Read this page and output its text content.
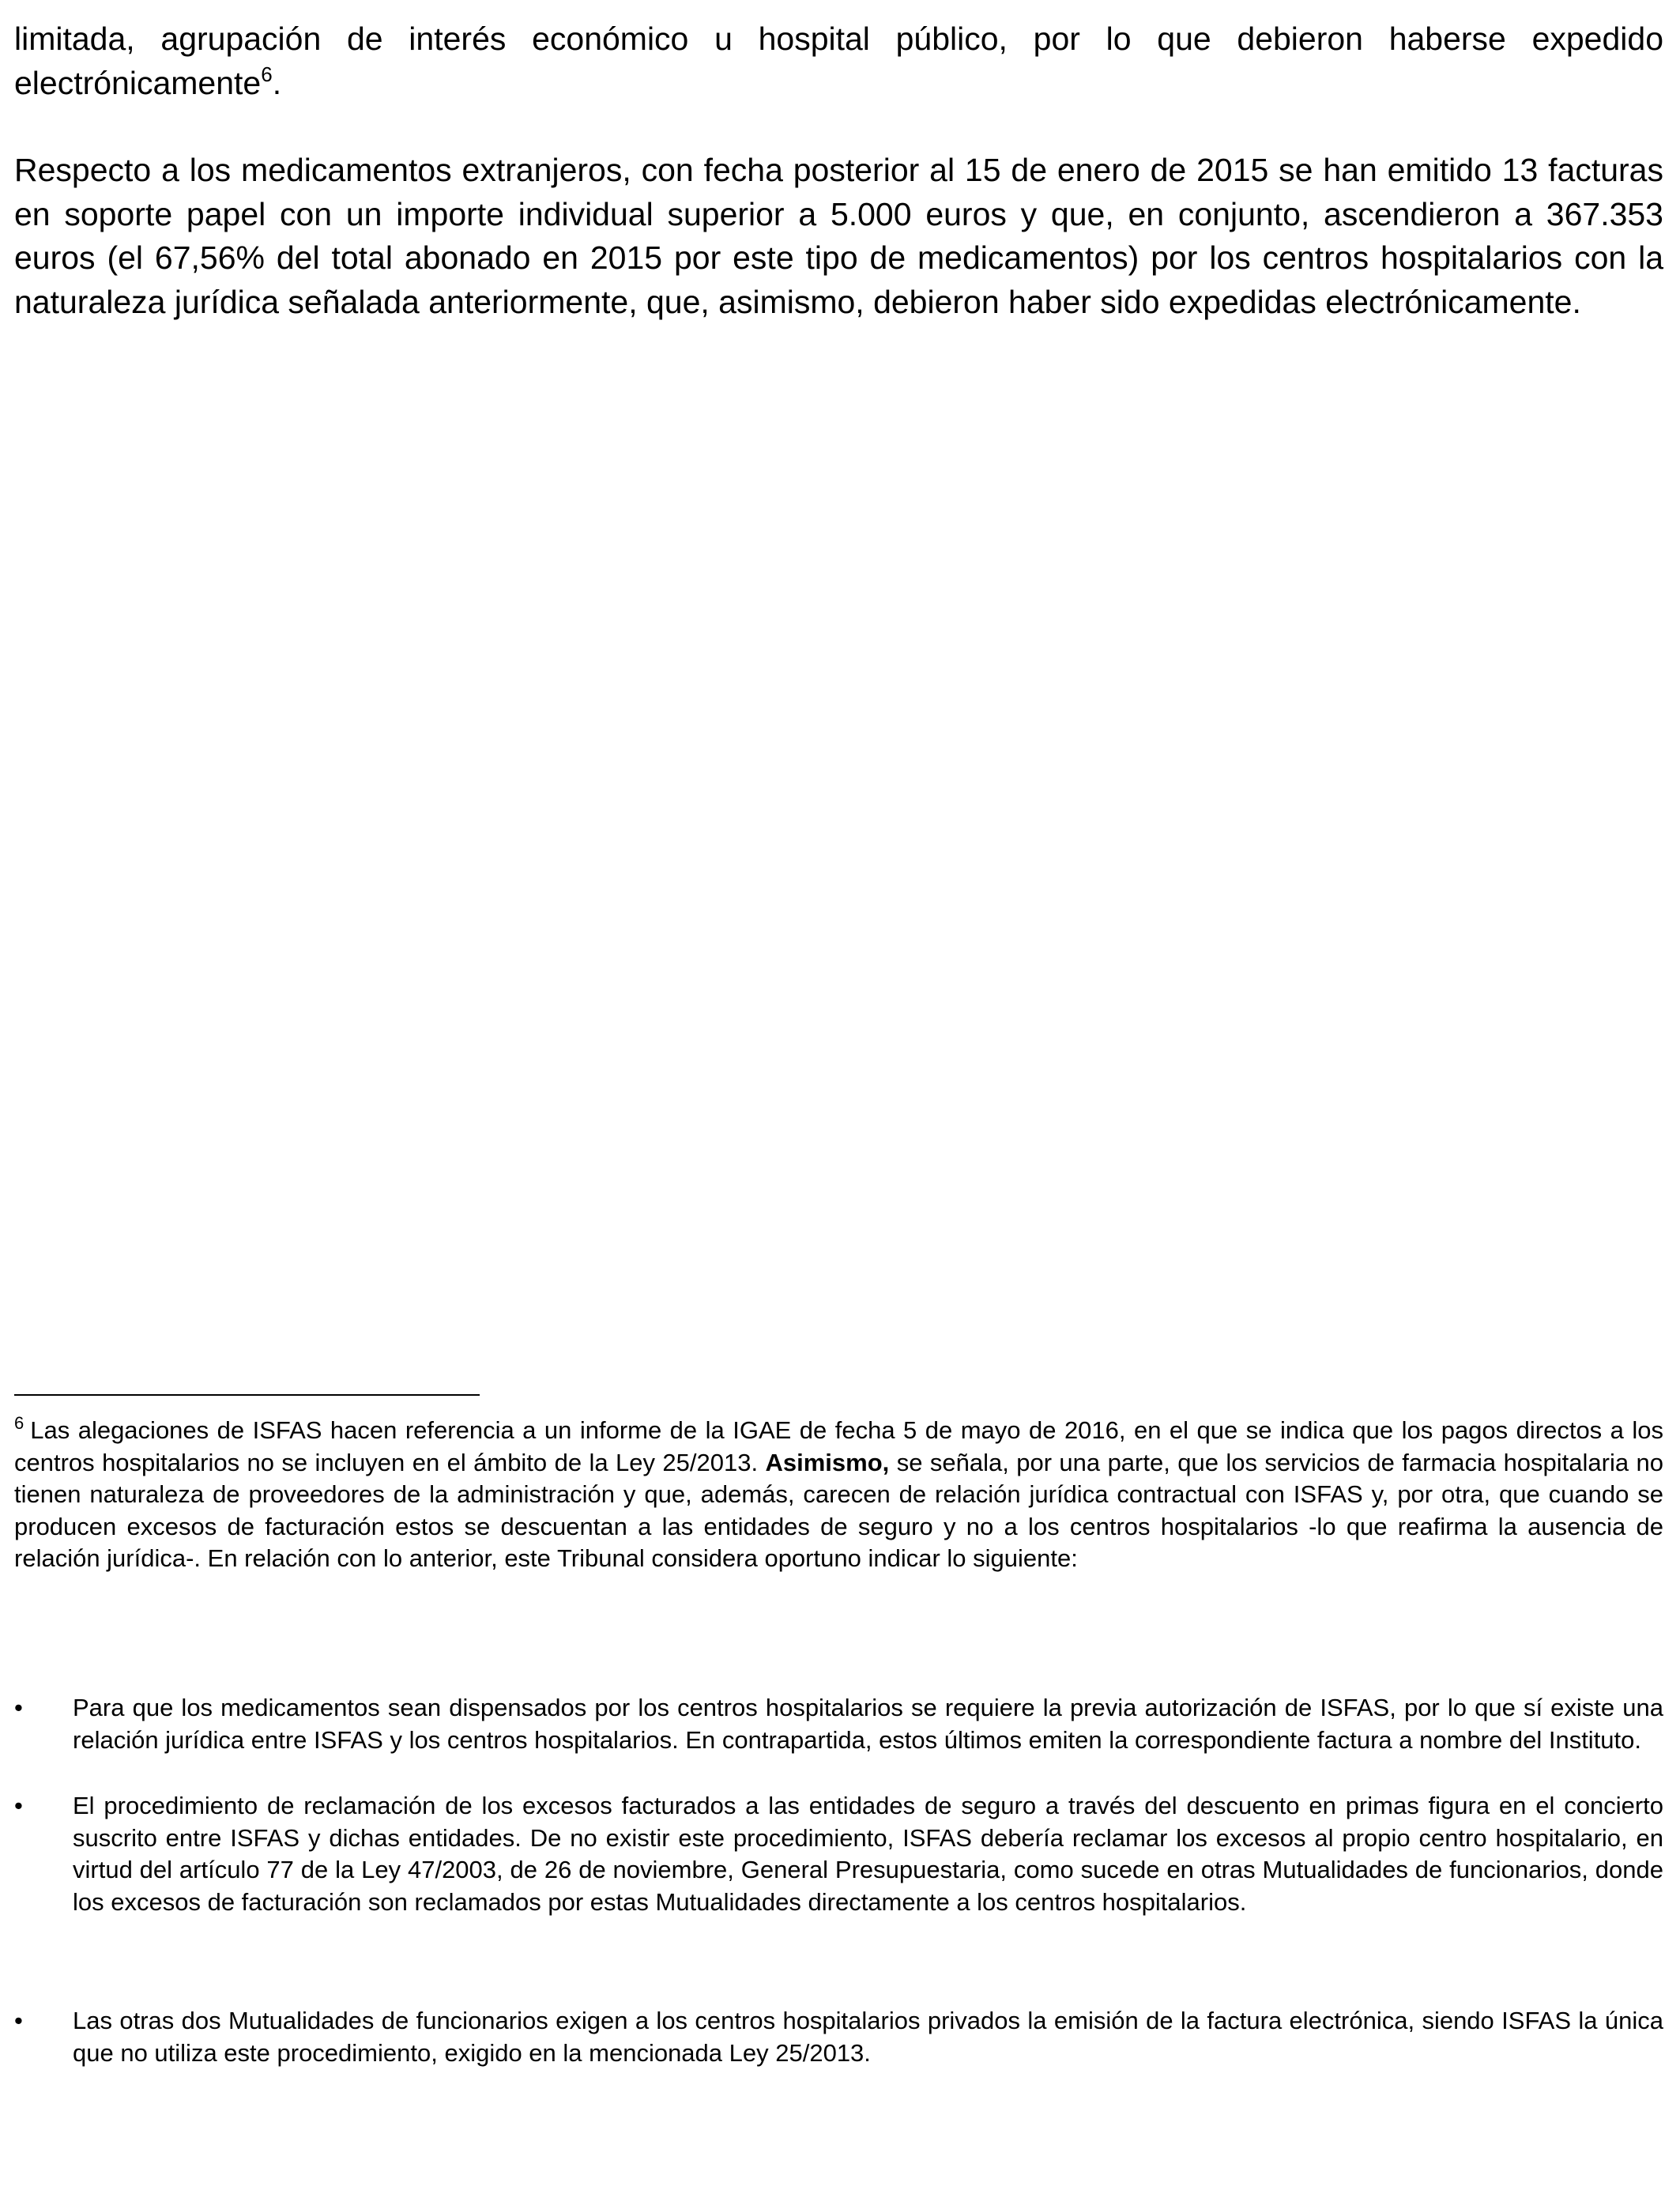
limitada, agrupación de interés económico u hospital público, por lo que debieron haberse expedido electrónicamente$^6$.

Respecto a los medicamentos extranjeros, con fecha posterior al 15 de enero de 2015 se han emitido 13 facturas en soporte papel con un importe individual superior a 5.000 euros y que, en conjunto, ascendieron a 367.353 euros (el 67,56% del total abonado en 2015 por este tipo de medicamentos) por los centros hospitalarios con la naturaleza jurídica señalada anteriormente, que, asimismo, debieron haber sido expedidas electrónicamente.

$^6$ Las alegaciones de ISFAS hacen referencia a un informe de la IGAE de fecha 5 de mayo de 2016, en el que se indica que los pagos directos a los centros hospitalarios no se incluyen en el ámbito de la Ley 25/2013. Asimismo, se señala, por una parte, que los servicios de farmacia hospitalaria no tienen naturaleza de proveedores de la administración y que, además, carecen de relación jurídica contractual con ISFAS y, por otra, que cuando se producen excesos de facturación estos se descuentan a las entidades de seguro y no a los centros hospitalarios -lo que reafirma la ausencia de relación jurídica-. En relación con lo anterior, este Tribunal considera oportuno indicar lo siguiente:

• Para que los medicamentos sean dispensados por los centros hospitalarios se requiere la previa autorización de ISFAS, por lo que sí existe una relación jurídica entre ISFAS y los centros hospitalarios. En contrapartida, estos últimos emiten la correspondiente factura a nombre del Instituto.

• El procedimiento de reclamación de los excesos facturados a las entidades de seguro a través del descuento en primas figura en el concierto suscrito entre ISFAS y dichas entidades. De no existir este procedimiento, ISFAS debería reclamar los excesos al propio centro hospitalario, en virtud del artículo 77 de la Ley 47/2003, de 26 de noviembre, General Presupuestaria, como sucede en otras Mutualidades de funcionarios, donde los excesos de facturación son reclamados por estas Mutualidades directamente a los centros hospitalarios.

• Las otras dos Mutualidades de funcionarios exigen a los centros hospitalarios privados la emisión de la factura electrónica, siendo ISFAS la única que no utiliza este procedimiento, exigido en la mencionada Ley 25/2013.
